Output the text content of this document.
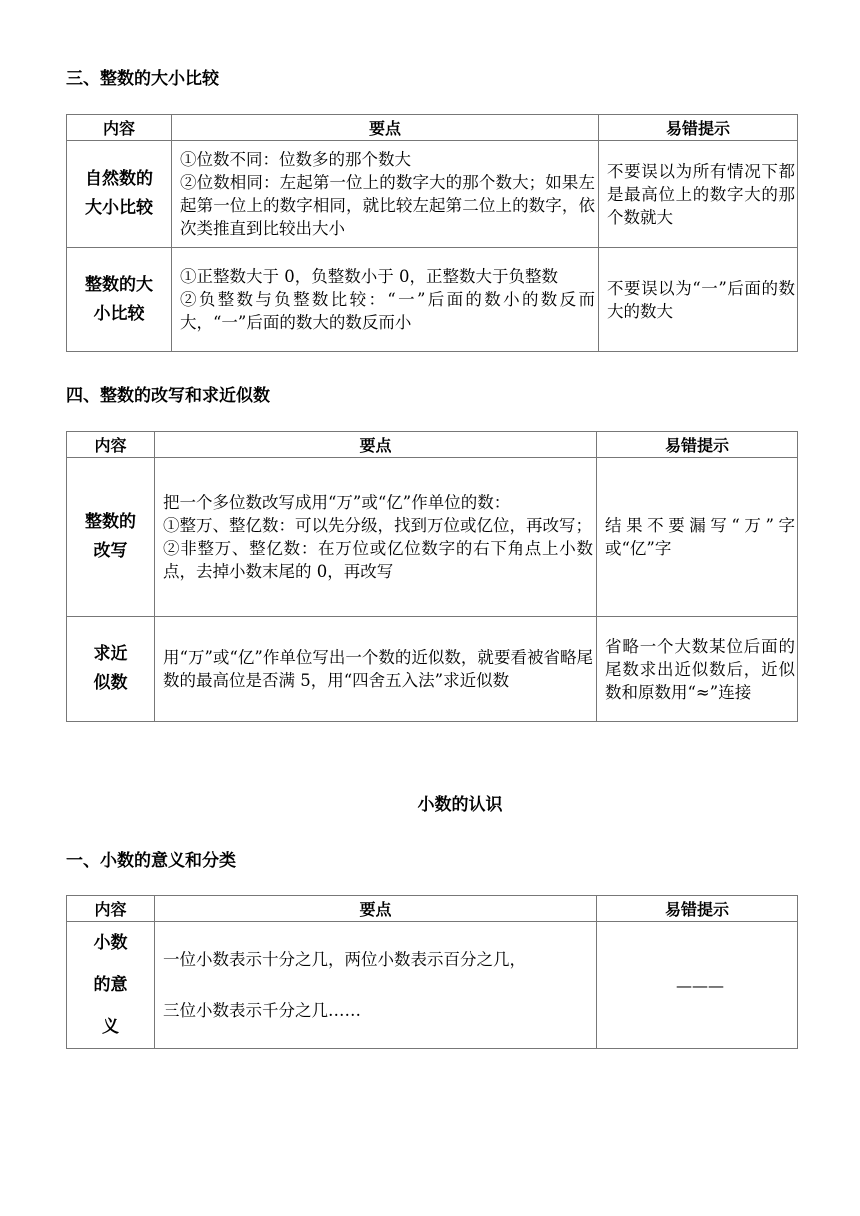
三、整数的大小比较
内容	要点	易错提示
自然数的大小比较	①位数不同：位数多的那个数大
②位数相同：左起第一位上的数字大的那个数大；如果左起第一位上的数字相同，就比较左起第二位上的数字，依次类推直到比较出大小	不要误以为所有情况下都是最高位上的数字大的那个数就大
整数的大小比较	①正整数大于 0，负整数小于 0，正整数大于负整数
②负整数与负整数比较：“一”后面的数小的数反而大，“一”后面的数大的数反而小	不要误以为“一”后面的数大的数大
四、整数的改写和求近似数
内容	要点	易错提示
整数的改写	把一个多位数改写成用“万”或“亿”作单位的数：
①整万、整亿数：可以先分级，找到万位或亿位，再改写；
②非整万、整亿数：在万位或亿位数字的右下角点上小数点，去掉小数末尾的 0，再改写	结果不要漏写“万”字或“亿”字
求近似数	用“万”或“亿”作单位写出一个数的近似数，就要看被省略尾数的最高位是否满 5，用“四舍五入法”求近似数	省略一个大数某位后面的尾数求出近似数后，近似数和原数用“≈”连接
小数的认识
一、小数的意义和分类
内容	要点	易错提示
小数的意义	一位小数表示十分之几，两位小数表示百分之几，
三位小数表示千分之几……	———
